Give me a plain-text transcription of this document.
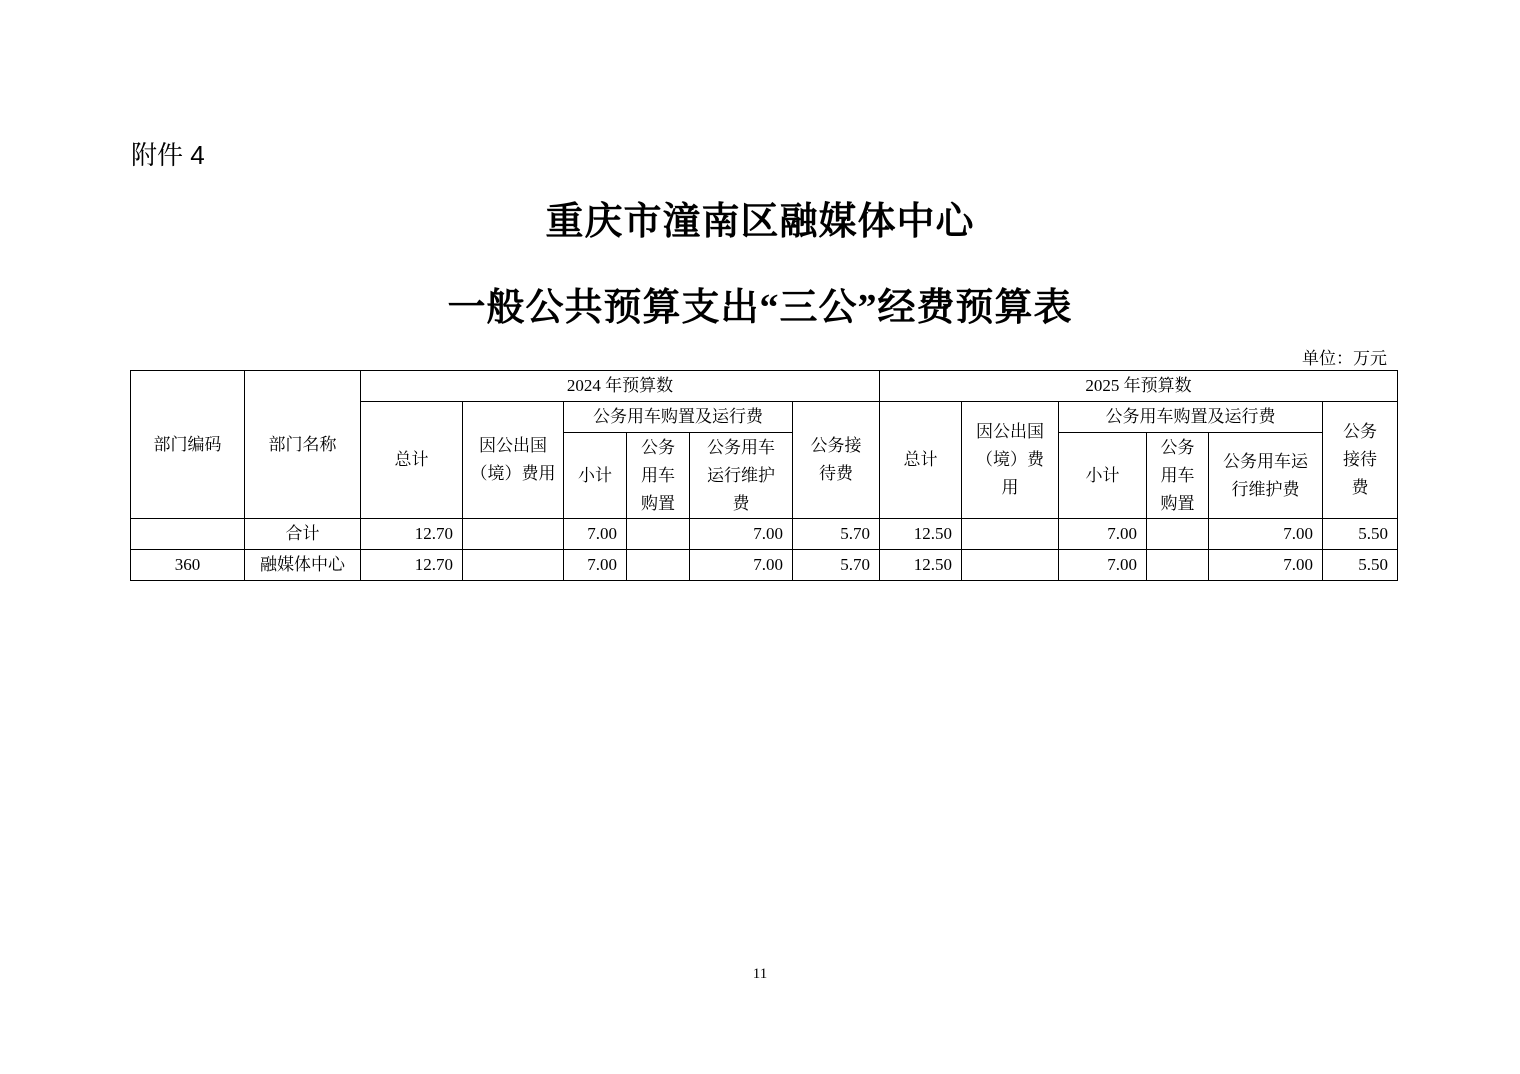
附件 4
重庆市潼南区融媒体中心
一般公共预算支出“三公”经费预算表
单位：万元
部门编码	部门名称	2024 年预算数						2025 年预算数					
		总计	因公出国（境）费用	公务用车购置及运行费			公务接待费	总计	因公出国（境）费用	公务用车购置及运行费			公务接待费
				小计	公务用车购置	公务用车运行维护费				小计	公务用车购置	公务用车运行维护费	
	合计	12.70		7.00		7.00	5.70	12.50		7.00		7.00	5.50
360	融媒体中心	12.70		7.00		7.00	5.70	12.50		7.00		7.00	5.50
11
